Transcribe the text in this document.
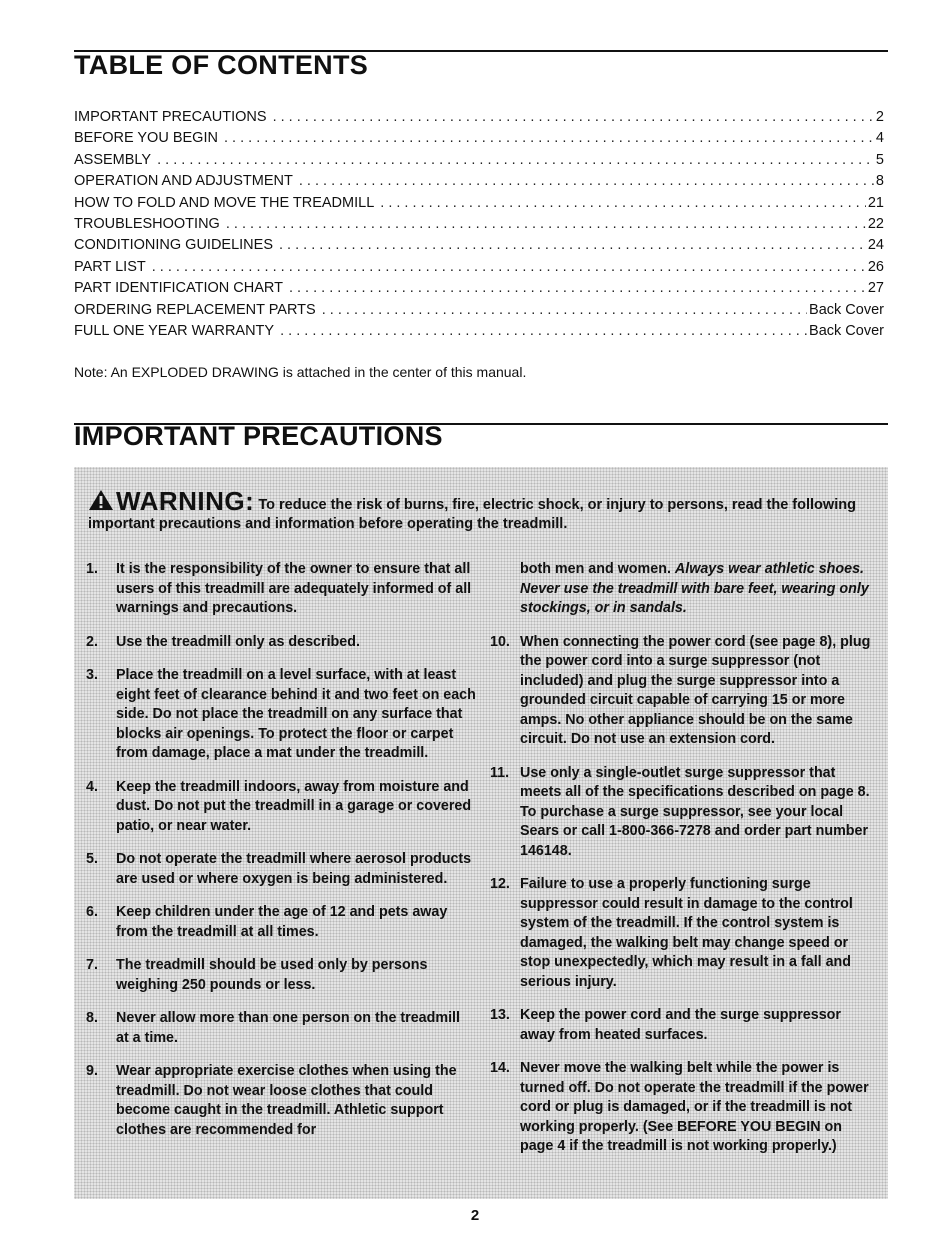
TABLE OF CONTENTS
IMPORTANT PRECAUTIONS . . .	2
BEFORE YOU BEGIN . . .	4
ASSEMBLY . . .	5
OPERATION AND ADJUSTMENT . . .	8
HOW TO FOLD AND MOVE THE TREADMILL . . .	21
TROUBLESHOOTING . . .	22
CONDITIONING GUIDELINES . . .	24
PART LIST . . .	26
PART IDENTIFICATION CHART . . .	27
ORDERING REPLACEMENT PARTS . . .	Back Cover
FULL ONE YEAR WARRANTY . . .	Back Cover
Note: An EXPLODED DRAWING is attached in the center of this manual.
IMPORTANT PRECAUTIONS
WARNING: To reduce the risk of burns, fire, electric shock, or injury to persons, read the following important precautions and information before operating the treadmill.
1.	It is the responsibility of the owner to ensure that all users of this treadmill are adequately informed of all warnings and precautions.
2.	Use the treadmill only as described.
3.	Place the treadmill on a level surface, with at least eight feet of clearance behind it and two feet on each side. Do not place the treadmill on any surface that blocks air openings. To protect the floor or carpet from damage, place a mat under the treadmill.
4.	Keep the treadmill indoors, away from moisture and dust. Do not put the treadmill in a garage or covered patio, or near water.
5.	Do not operate the treadmill where aerosol products are used or where oxygen is being administered.
6.	Keep children under the age of 12 and pets away from the treadmill at all times.
7.	The treadmill should be used only by persons weighing 250 pounds or less.
8.	Never allow more than one person on the treadmill at a time.
9.	Wear appropriate exercise clothes when using the treadmill. Do not wear loose clothes that could become caught in the treadmill. Athletic support clothes are recommended for
both men and women. Always wear athletic shoes. Never use the treadmill with bare feet, wearing only stockings, or in sandals.
10. When connecting the power cord (see page 8), plug the power cord into a surge suppressor (not included) and plug the surge suppressor into a grounded circuit capable of carrying 15 or more amps. No other appliance should be on the same circuit. Do not use an extension cord.
11. Use only a single-outlet surge suppressor that meets all of the specifications described on page 8. To purchase a surge suppressor, see your local Sears or call 1-800-366-7278 and order part number 146148.
12. Failure to use a properly functioning surge suppressor could result in damage to the control system of the treadmill. If the control system is damaged, the walking belt may change speed or stop unexpectedly, which may result in a fall and serious injury.
13. Keep the power cord and the surge suppressor away from heated surfaces.
14. Never move the walking belt while the power is turned off. Do not operate the treadmill if the power cord or plug is damaged, or if the treadmill is not working properly. (See BEFORE YOU BEGIN on page 4 if the treadmill is not working properly.)
2
